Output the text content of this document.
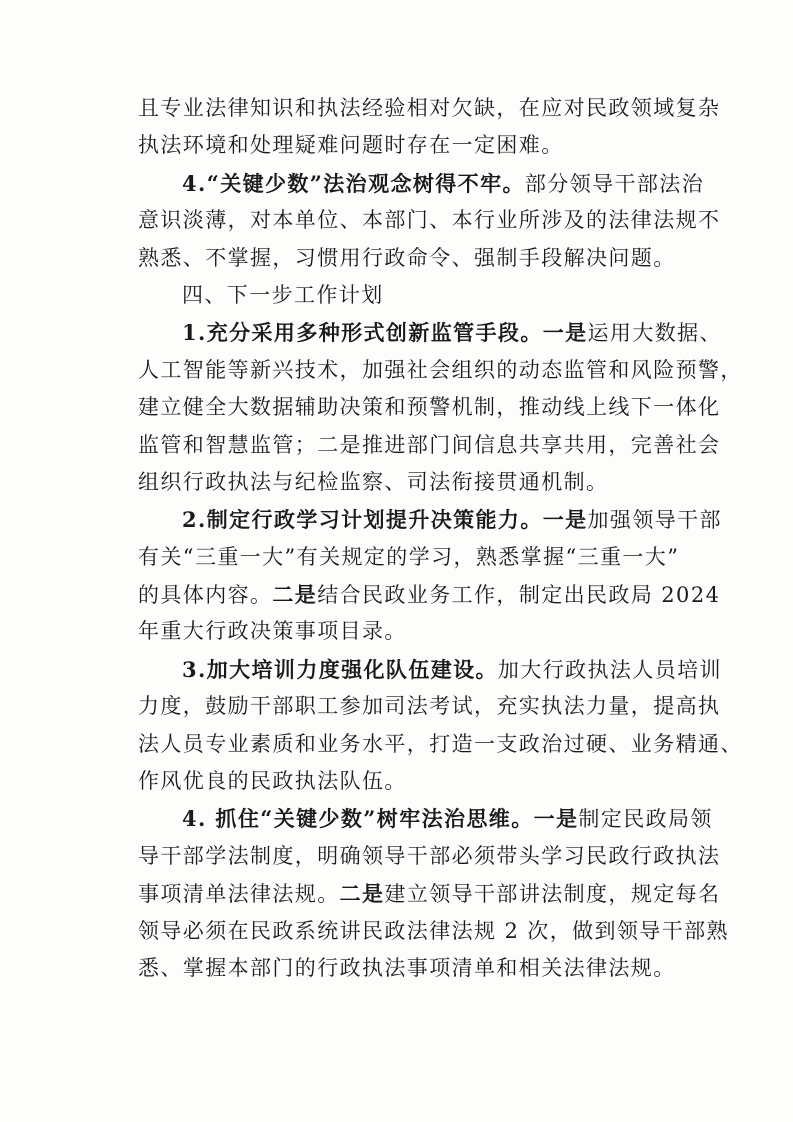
且专业法律知识和执法经验相对欠缺，在应对民政领域复杂
执法环境和处理疑难问题时存在一定困难。
4.“关键少数”法治观念树得不牢。部分领导干部法治
意识淡薄，对本单位、本部门、本行业所涉及的法律法规不
熟悉、不掌握，习惯用行政命令、强制手段解决问题。
四、下一步工作计划
1.充分采用多种形式创新监管手段。一是运用大数据、
人工智能等新兴技术，加强社会组织的动态监管和风险预警，
建立健全大数据辅助决策和预警机制，推动线上线下一体化
监管和智慧监管；二是推进部门间信息共享共用，完善社会
组织行政执法与纪检监察、司法衔接贯通机制。
2.制定行政学习计划提升决策能力。一是加强领导干部
有关“三重一大”有关规定的学习，熟悉掌握“三重一大”
的具体内容。二是结合民政业务工作，制定出民政局 2024
年重大行政决策事项目录。
3.加大培训力度强化队伍建设。加大行政执法人员培训
力度，鼓励干部职工参加司法考试，充实执法力量，提高执
法人员专业素质和业务水平，打造一支政治过硬、业务精通、
作风优良的民政执法队伍。
4. 抓住“关键少数”树牢法治思维。一是制定民政局领
导干部学法制度，明确领导干部必须带头学习民政行政执法
事项清单法律法规。二是建立领导干部讲法制度，规定每名
领导必须在民政系统讲民政法律法规 2 次，做到领导干部熟
悉、掌握本部门的行政执法事项清单和相关法律法规。
